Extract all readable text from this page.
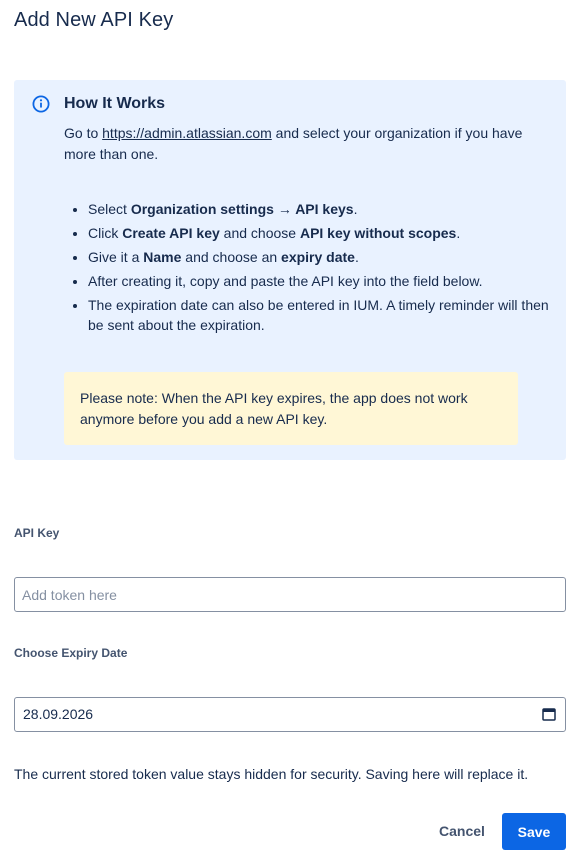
Add New API Key
How It Works
Go to https://admin.atlassian.com and select your organization if you have more than one.
• Select Organization settings → API keys.
• Click Create API key and choose API key without scopes.
• Give it a Name and choose an expiry date.
• After creating it, copy and paste the API key into the field below.
• The expiration date can also be entered in IUM. A timely reminder will then be sent about the expiration.
Please note: When the API key expires, the app does not work anymore before you add a new API key.
API Key
Add token here
Choose Expiry Date
28.09.2026
The current stored token value stays hidden for security. Saving here will replace it.
Cancel	Save
